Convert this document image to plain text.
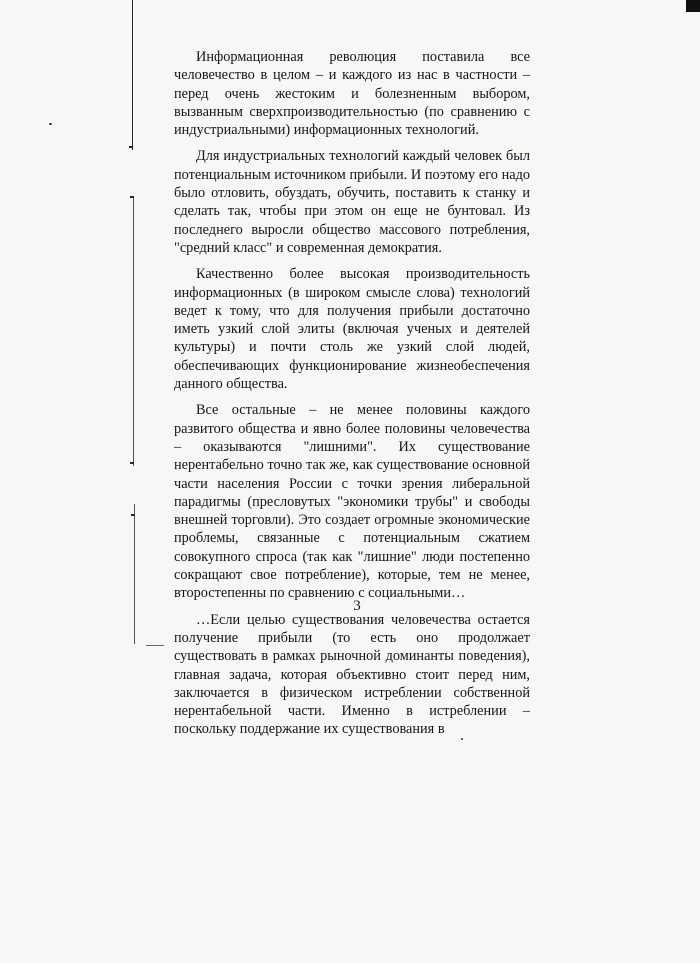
Информационная революция поставила все человечество в целом – и каждого из нас в частности – перед очень жестоким и болезненным выбором, вызванным сверхпроизводительностью (по сравнению с индустриальными) информационных технологий.

Для индустриальных технологий каждый человек был потенциальным источником прибыли. И поэтому его надо было отловить, обуздать, обучить, поставить к станку и сделать так, чтобы при этом он еще не бунтовал. Из последнего выросли общество массового потребления, "средний класс" и современная демократия.

Качественно более высокая производительность информационных (в широком смысле слова) технологий ведет к тому, что для получения прибыли достаточно иметь узкий слой элиты (включая ученых и деятелей культуры) и почти столь же узкий слой людей, обеспечивающих функционирование жизнеобеспечения данного общества.

Все остальные – не менее половины каждого развитого общества и явно более половины человечества – оказываются "лишними". Их существование нерентабельно точно так же, как существование основной части населения России с точки зрения либеральной парадигмы (пресловутых "экономики трубы" и свободы внешней торговли). Это создает огромные экономические проблемы, связанные с потенциальным сжатием совокупного спроса (так как "лишние" люди постепенно сокращают свое потребление), которые, тем не менее, второстепенны по сравнению с социальными…

…Если целью существования человечества остается получение прибыли (то есть оно продолжает существовать в рамках рыночной доминанты поведения), главная задача, которая объективно стоит перед ним, заключается в физическом истреблении собственной нерентабельной части. Именно в истреблении – поскольку поддержание их существования в

3
